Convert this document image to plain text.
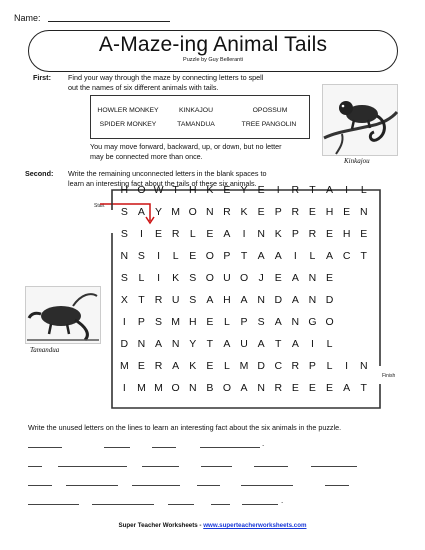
Name:
A-Maze-ing Animal Tails
Puzzle by Guy Belleranti
First: Find your way through the maze by connecting letters to spell
out the names of six different animals with tails.
HOWLER MONKEY	KINKAJOU	OPOSSUM
SPIDER MONKEY	TAMANDUA	TREE PANGOLIN
You may move forward, backward, up, or down, but no letter
may be connected more than once.
Kinkajou
Second: Write the remaining unconnected letters in the blank spaces to
learn an interesting fact about the tails of these six animals.
Tamandua
Start
Finish
H O W T H K E Y E	I	R T A	I	L
S A Y M O N R K E P R E H E N
S	I	E R L	E A	I	N K P R E H E
N S	I	L	E O P T A A	I	L	A C T
S	L	I	K S O U O J	E A N E
X T R U S A H A N D A N D
I	P S M H E	L	P S A N G O
D N A N Y T A U A T A	I	L
M E R A K E	L M D C R P	L	I	N
I	M M O N B O A N R E E E A T
Write the unused letters on the lines to learn an interesting fact about the six animals in the puzzle.
.
.
Super Teacher Worksheets - www.superteacherworksheets.com
